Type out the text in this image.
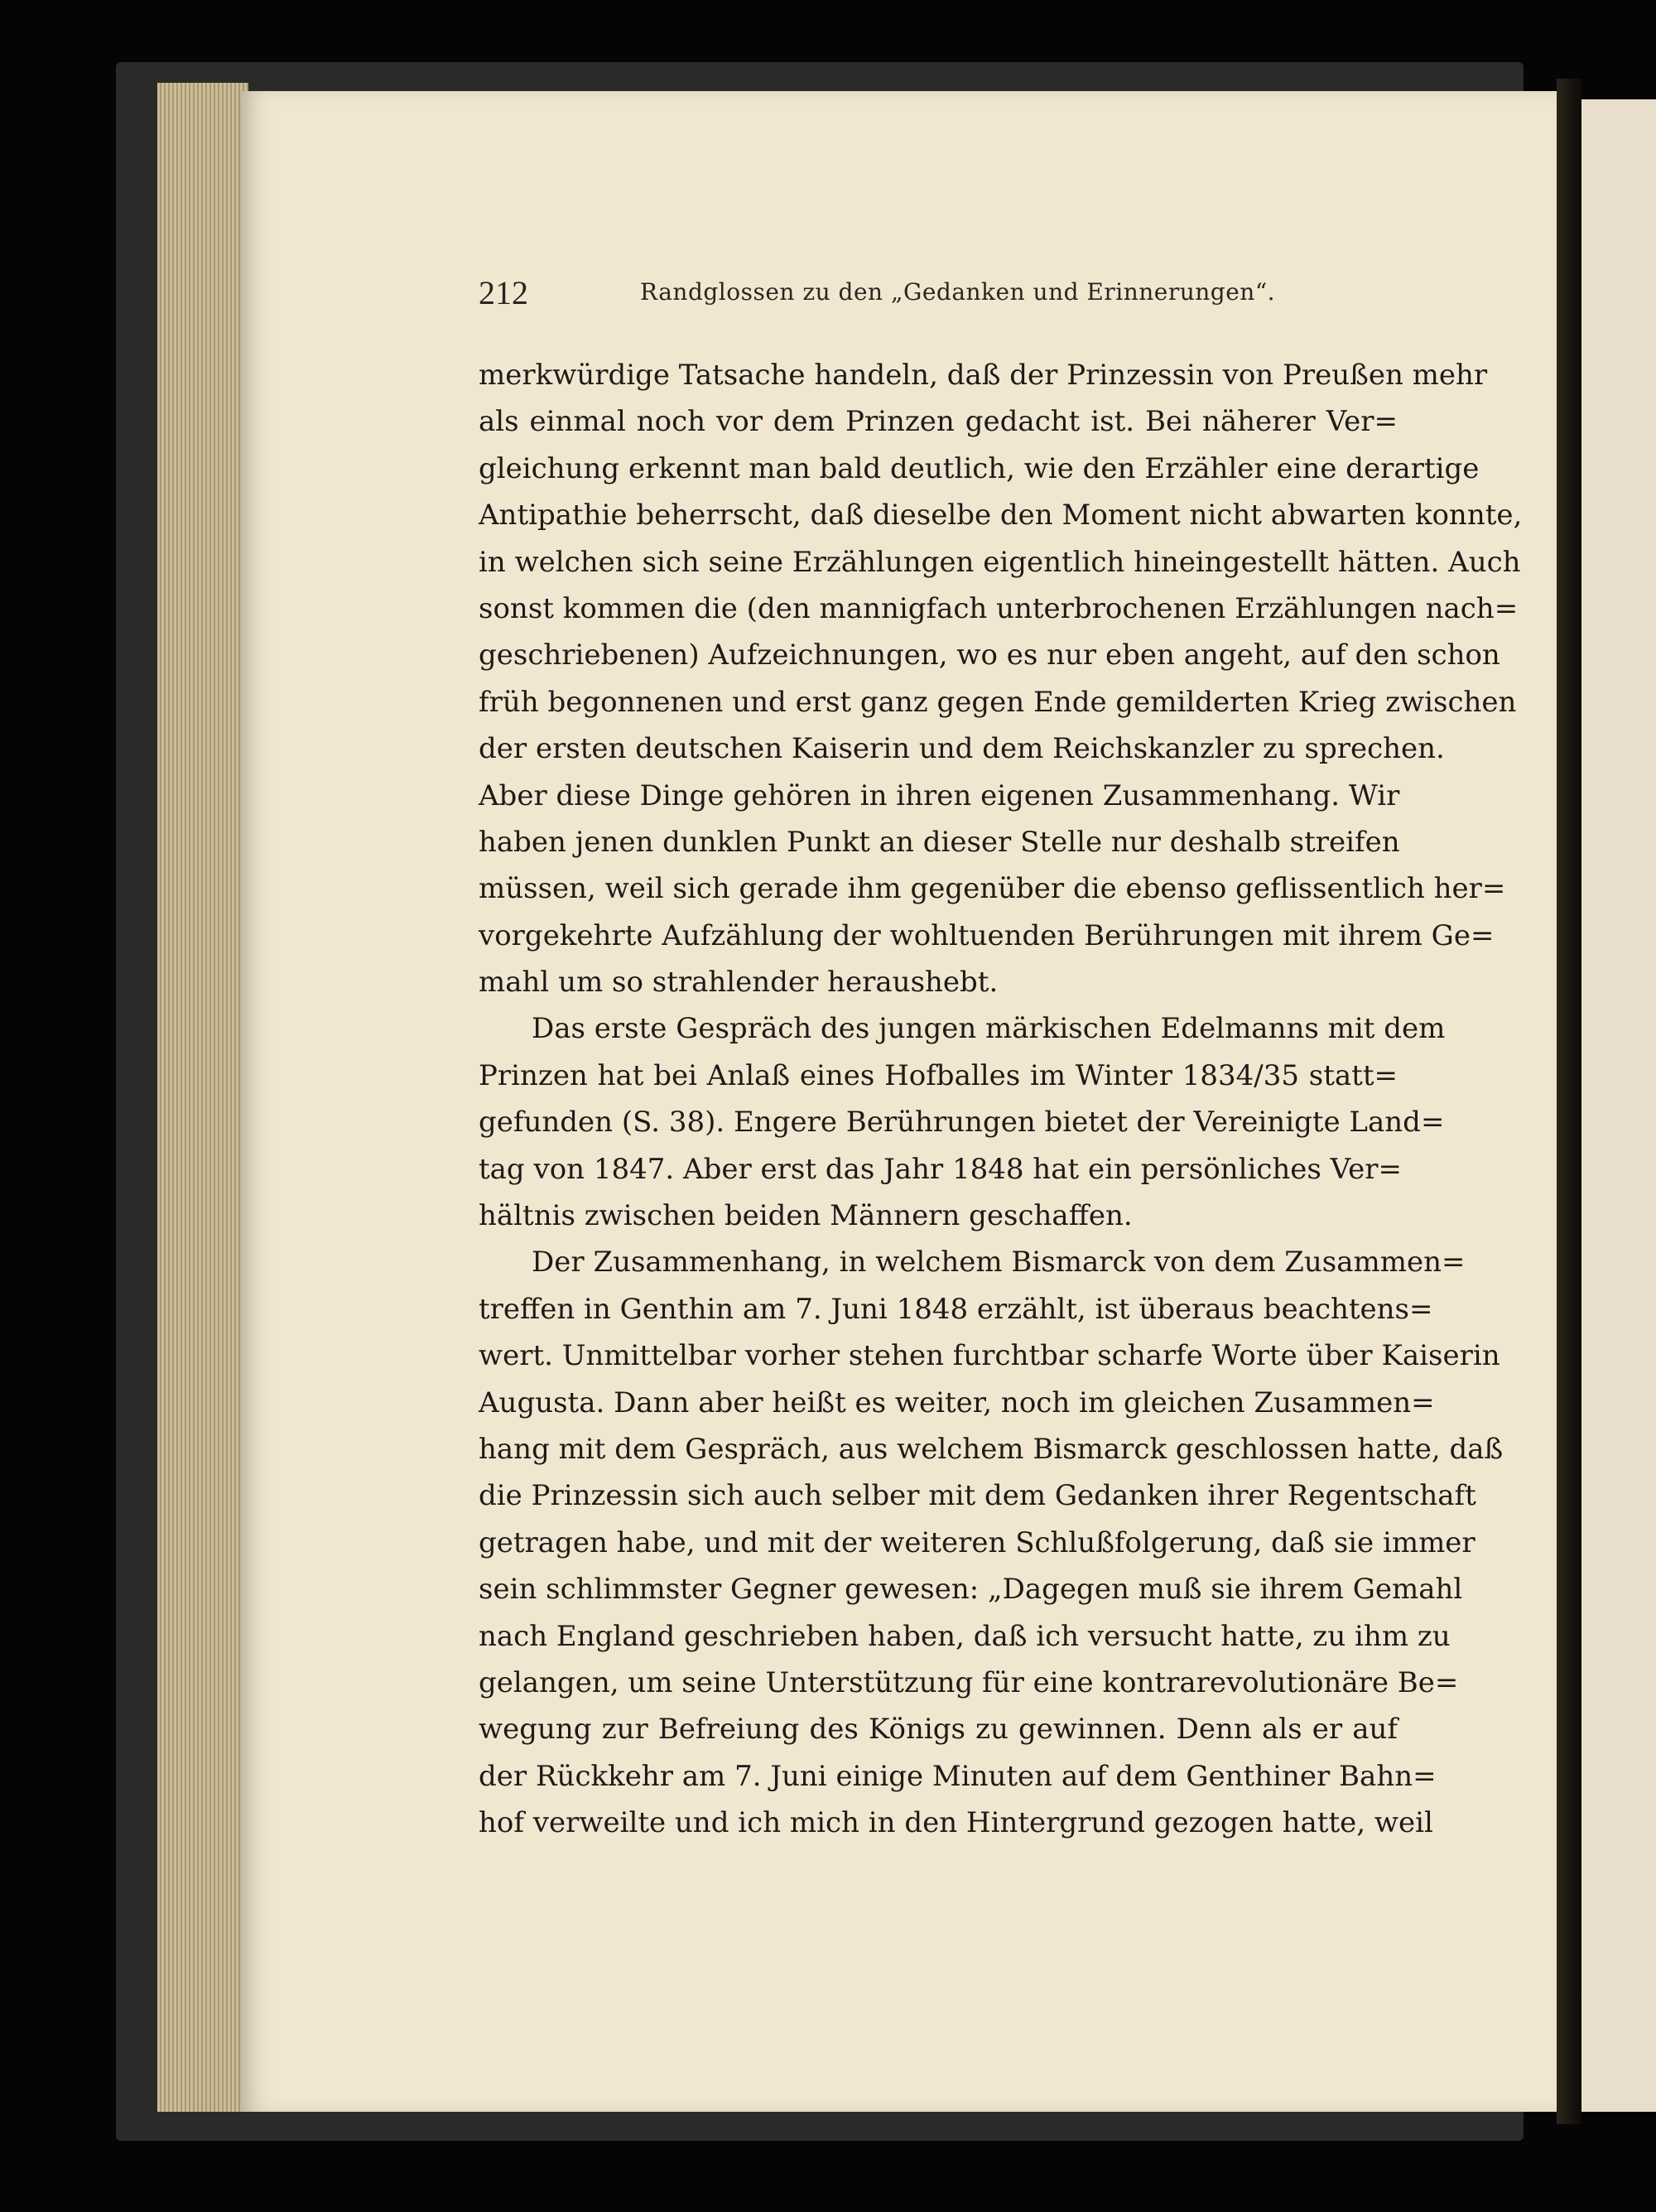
212	Randglossen zu den „Gedanken und Erinnerungen“.
merkwürdige Tatsache handeln, daß der Prinzessin von Preußen mehr
als einmal noch vor dem Prinzen gedacht ist. Bei näherer Ver=
gleichung erkennt man bald deutlich, wie den Erzähler eine derartige
Antipathie beherrscht, daß dieselbe den Moment nicht abwarten konnte,
in welchen sich seine Erzählungen eigentlich hineingestellt hätten. Auch
sonst kommen die (den mannigfach unterbrochenen Erzählungen nach=
geschriebenen) Aufzeichnungen, wo es nur eben angeht, auf den schon
früh begonnenen und erst ganz gegen Ende gemilderten Krieg zwischen
der ersten deutschen Kaiserin und dem Reichskanzler zu sprechen.
Aber diese Dinge gehören in ihren eigenen Zusammenhang. Wir
haben jenen dunklen Punkt an dieser Stelle nur deshalb streifen
müssen, weil sich gerade ihm gegenüber die ebenso geflissentlich her=
vorgekehrte Aufzählung der wohltuenden Berührungen mit ihrem Ge=
mahl um so strahlender heraushebt.
Das erste Gespräch des jungen märkischen Edelmanns mit dem
Prinzen hat bei Anlaß eines Hofballes im Winter 1834/35 statt=
gefunden (S. 38). Engere Berührungen bietet der Vereinigte Land=
tag von 1847. Aber erst das Jahr 1848 hat ein persönliches Ver=
hältnis zwischen beiden Männern geschaffen.
Der Zusammenhang, in welchem Bismarck von dem Zusammen=
treffen in Genthin am 7. Juni 1848 erzählt, ist überaus beachtens=
wert. Unmittelbar vorher stehen furchtbar scharfe Worte über Kaiserin
Augusta. Dann aber heißt es weiter, noch im gleichen Zusammen=
hang mit dem Gespräch, aus welchem Bismarck geschlossen hatte, daß
die Prinzessin sich auch selber mit dem Gedanken ihrer Regentschaft
getragen habe, und mit der weiteren Schlußfolgerung, daß sie immer
sein schlimmster Gegner gewesen: „Dagegen muß sie ihrem Gemahl
nach England geschrieben haben, daß ich versucht hatte, zu ihm zu
gelangen, um seine Unterstützung für eine kontrarevolutionäre Be=
wegung zur Befreiung des Königs zu gewinnen. Denn als er auf
der Rückkehr am 7. Juni einige Minuten auf dem Genthiner Bahn=
hof verweilte und ich mich in den Hintergrund gezogen hatte, weil
